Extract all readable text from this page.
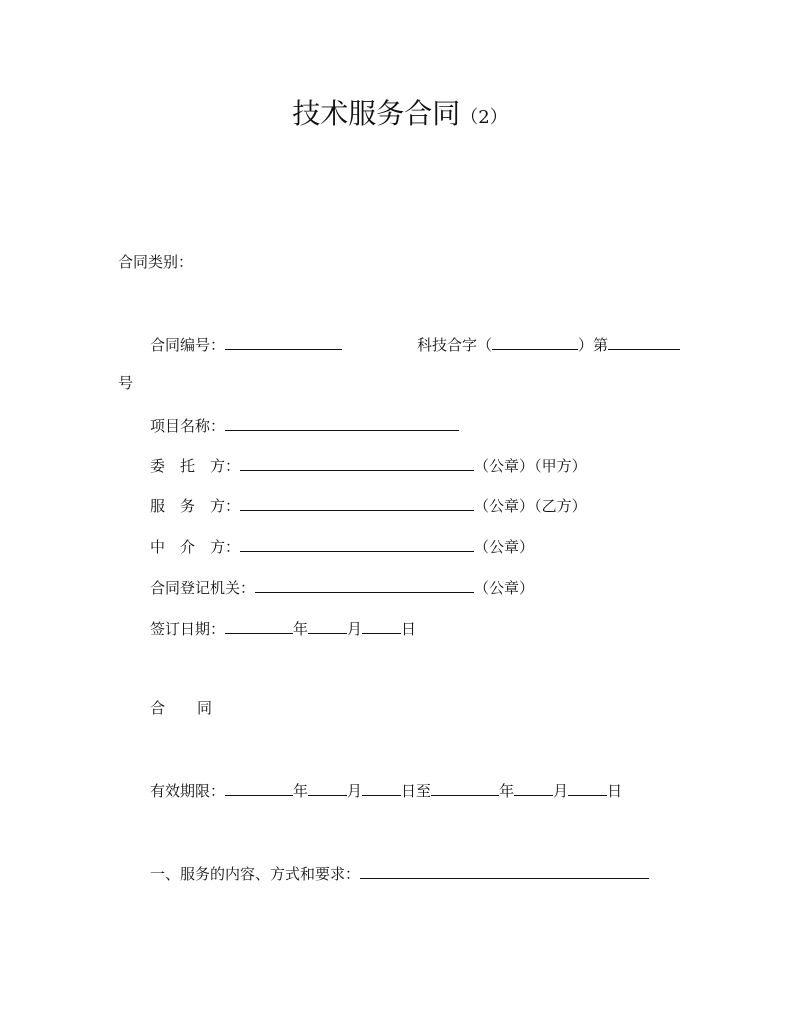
技术服务合同（2）
合同类别：
合同编号：	科技合字（	）第
号
项目名称：
委 托 方：	（公章）（甲方）
服 务 方：	（公章）（乙方）
中 介 方：	（公章）
合同登记机关：	（公章）
签订日期：	年	月	日
合 同
有效期限：	年	月	日至	年	月	日
一、服务的内容、方式和要求：
